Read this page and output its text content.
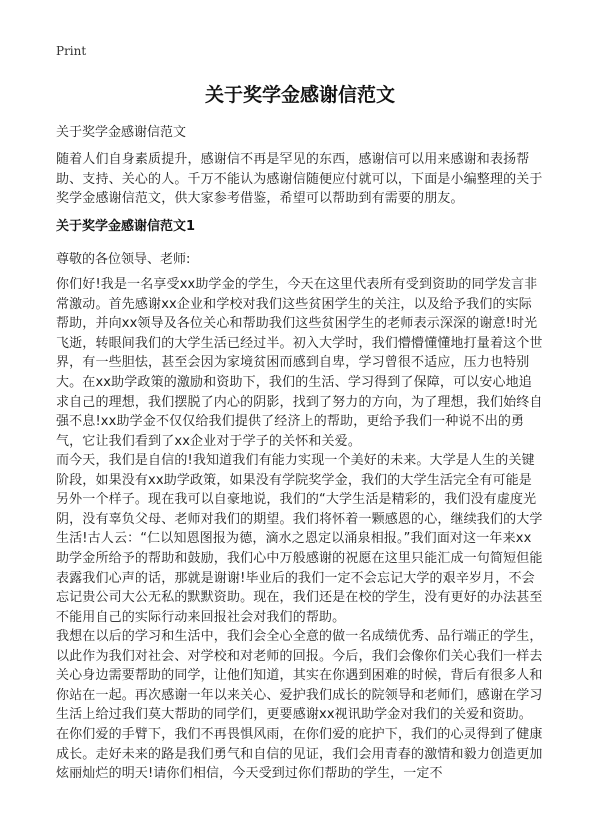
Print
关于奖学金感谢信范文
关于奖学金感谢信范文

随着人们自身素质提升，感谢信不再是罕见的东西，感谢信可以用来感谢和表扬帮助、支持、关心的人。千万不能认为感谢信随便应付就可以，下面是小编整理的关于奖学金感谢信范文，供大家参考借鉴，希望可以帮助到有需要的朋友。

关于奖学金感谢信范文1
尊敬的各位领导、老师:

你们好!我是一名享受xx助学金的学生，今天在这里代表所有受到资助的同学发言非常激动。首先感谢xx企业和学校对我们这些贫困学生的关注，以及给予我们的实际帮助，并向xx领导及各位关心和帮助我们这些贫困学生的老师表示深深的谢意!时光飞逝，转眼间我们的大学生活已经过半。初入大学时，我们懵懵懂懂地打量着这个世界，有一些胆怯，甚至会因为家境贫困而感到自卑，学习曾很不适应，压力也特别大。在xx助学政策的激励和资助下，我们的生活、学习得到了保障，可以安心地追求自己的理想，我们摆脱了内心的阴影，找到了努力的方向，为了理想，我们始终自强不息!xx助学金不仅仅给我们提供了经济上的帮助，更给予我们一种说不出的勇气，它让我们看到了xx企业对于学子的关怀和关爱。

而今天，我们是自信的!我知道我们有能力实现一个美好的未来。大学是人生的关键阶段，如果没有xx助学政策，如果没有学院奖学金，我们的大学生活完全有可能是另外一个样子。现在我可以自豪地说，我们的“大学生活是精彩的，我们没有虚度光阴，没有辜负父母、老师对我们的期望。我们将怀着一颗感恩的心，继续我们的大学生活!古人云：“仁以知恩图报为德，滴水之恩定以涌泉相报。”我们面对这一年来xx助学金所给予的帮助和鼓励，我们心中万般感谢的祝愿在这里只能汇成一句简短但能表露我们心声的话，那就是谢谢!毕业后的我们一定不会忘记大学的艰辛岁月，不会忘记贵公司大公无私的默默资助。现在，我们还是在校的学生，没有更好的办法甚至不能用自己的实际行动来回报社会对我们的帮助。

我想在以后的学习和生活中，我们会全心全意的做一名成绩优秀、品行端正的学生，以此作为我们对社会、对学校和对老师的回报。今后，我们会像你们关心我们一样去关心身边需要帮助的同学，让他们知道，其实在你遇到困难的时候，背后有很多人和你站在一起。再次感谢一年以来关心、爱护我们成长的院领导和老师们，感谢在学习生活上给过我们莫大帮助的同学们，更要感谢xx视讯助学金对我们的关爱和资助。在你们爱的手臂下，我们不再畏惧风雨，在你们爱的庇护下，我们的心灵得到了健康成长。走好未来的路是我们勇气和自信的见证，我们会用青春的激情和毅力创造更加炫丽灿烂的明天!请你们相信，今天受到过你们帮助的学生，一定不
